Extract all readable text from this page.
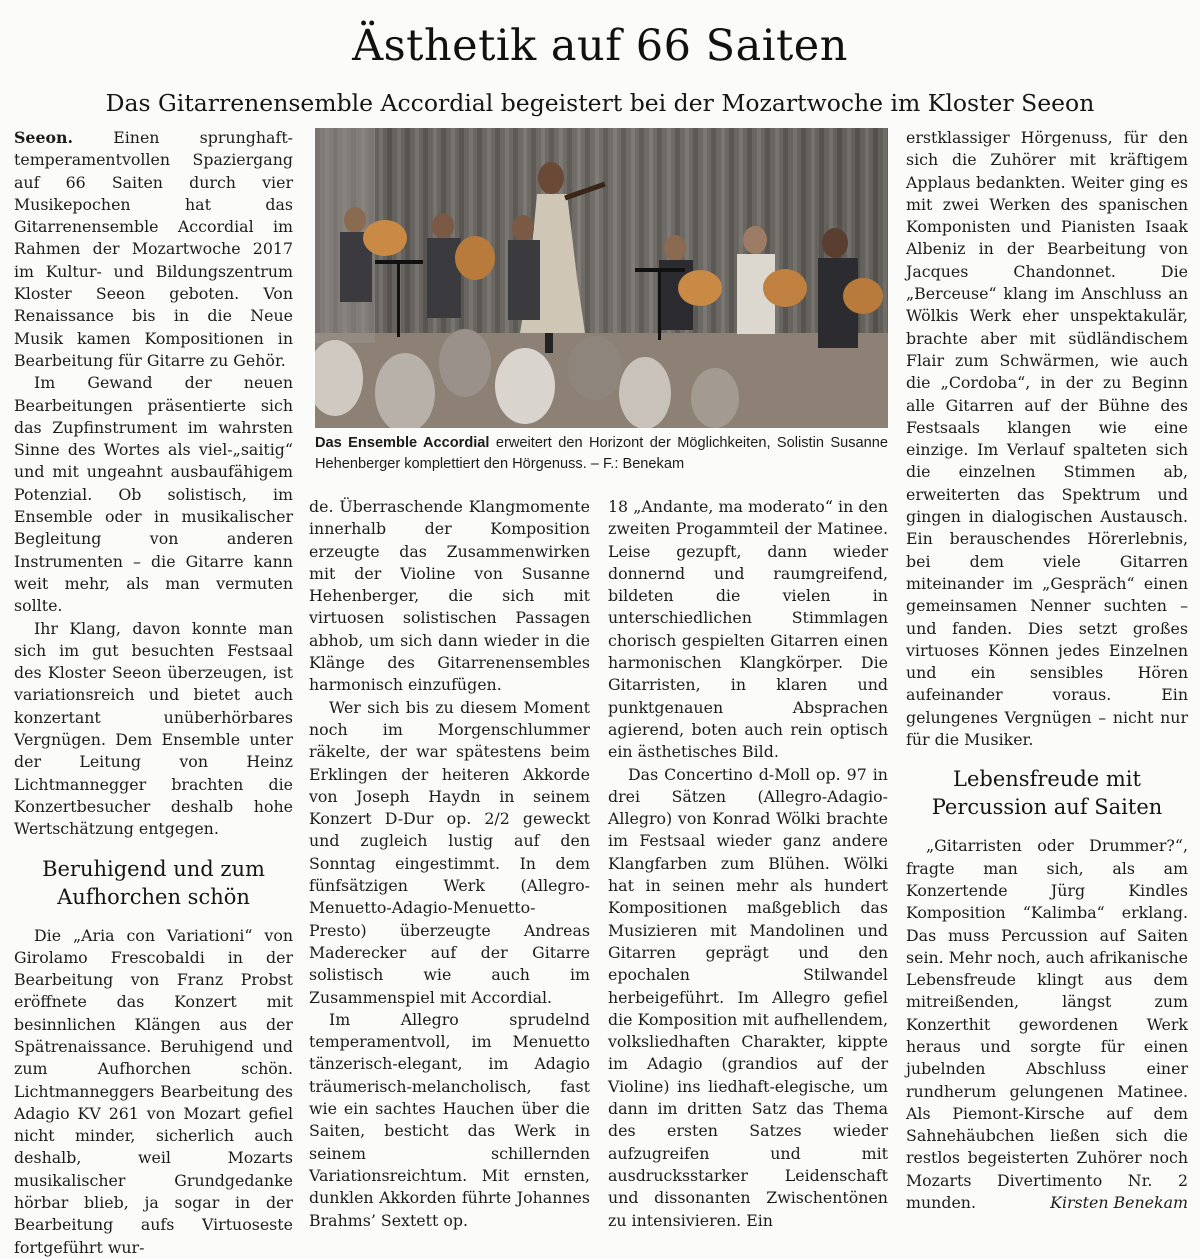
Ästhetik auf 66 Saiten
Das Gitarrenensemble Accordial begeistert bei der Mozartwoche im Kloster Seeon

Seeon.	Einen sprunghaft-temperamentvollen Spaziergang auf 66 Saiten durch vier Musikepochen hat das Gitarrenensemble Accordial im Rahmen der Mozartwoche 2017 im Kultur- und Bildungszentrum Kloster Seeon geboten. Von Renaissance bis in die Neue Musik kamen Kompositionen in Bearbeitung für Gitarre zu Gehör.

Im Gewand der neuen Bearbeitungen präsentierte sich das Zupfinstrument im wahrsten Sinne des Wortes als viel-„saitig“ und mit ungeahnt ausbaufähigem Potenzial. Ob solistisch, im Ensemble oder in musikalischer Begleitung von anderen Instrumenten – die Gitarre kann weit mehr, als man vermuten sollte.

Ihr Klang, davon konnte man sich im gut besuchten Festsaal des Kloster Seeon überzeugen, ist variationsreich und bietet auch konzertant unüberhörbares Vergnügen. Dem Ensemble unter der Leitung von Heinz Lichtmannegger brachten die Konzertbesucher deshalb hohe Wertschätzung entgegen.

Beruhigend und zum Aufhorchen schön

Die „Aria con Variationi“ von Girolamo Frescobaldi in der Bearbeitung von Franz Probst eröffnete das Konzert mit besinnlichen Klängen aus der Spätrenaissance. Beruhigend und zum Aufhorchen schön. Lichtmanneggers Bearbeitung des Adagio KV 261 von Mozart gefiel nicht minder, sicherlich auch deshalb, weil Mozarts musikalischer Grundgedanke hörbar blieb, ja sogar in der Bearbeitung aufs Virtuoseste fortgeführt wur-

Das Ensemble Accordial erweitert den Horizont der Möglichkeiten, Solistin Susanne Hehenberger komplettiert den Hörgenuss. – F.: Benekam

de. Überraschende Klangmomente innerhalb der Komposition erzeugte das Zusammenwirken mit der Violine von Susanne Hehenberger, die sich mit virtuosen solistischen Passagen abhob, um sich dann wieder in die Klänge des Gitarrenensembles harmonisch einzufügen.

Wer sich bis zu diesem Moment noch im Morgenschlummer räkelte, der war spätestens beim Erklingen der heiteren Akkorde von Joseph Haydn in seinem Konzert D-Dur op. 2/2 geweckt und zugleich lustig auf den Sonntag eingestimmt. In dem fünfsätzigen Werk (Allegro-Menuetto-Adagio-Menuetto-Presto) überzeugte Andreas Maderecker auf der Gitarre solistisch wie auch im Zusammenspiel mit Accordial.

Im Allegro sprudelnd temperamentvoll, im Menuetto tänzerisch-elegant, im Adagio träumerisch-melancholisch, fast wie ein sachtes Hauchen über die Saiten, bestiсht das Werk in seinem schillernden Variationsreichtum. Mit ernsten, dunklen Akkorden führte Johannes Brahms’ Sextett op.

18 „Andante, ma moderato“ in den zweiten Progammteil der Matinee. Leise gezupft, dann wieder donnernd und raumgreifend, bildeten die vielen in unterschiedlichen Stimmlagen chorisch gespielten Gitarren einen harmonischen Klangkörper. Die Gitarristen, in klaren und punktgenauen Absprachen agierend, boten auch rein optisch ein ästhetisches Bild.

Das Concertino d-Moll op. 97 in drei Sätzen (Allegro-Adagio-Allegro) von Konrad Wölki brachte im Festsaal wieder ganz andere Klangfarben zum Blühen. Wölki hat in seinen mehr als hundert Kompositionen maßgeblich das Musizieren mit Mandolinen und Gitarren geprägt und den epochalen Stilwandel herbeigeführt. Im Allegro gefiel die Komposition mit aufhellendem, volksliedhaften Charakter, kippte im Adagio (grandios auf der Violine) ins liedhaft-elegische, um dann im dritten Satz das Thema des ersten Satzes wieder aufzugreifen und mit ausdrucksstarker Leidenschaft und dissonanten Zwischentönen zu intensivieren. Ein

erstklassiger Hörgenuss, für den sich die Zuhörer mit kräftigem Applaus bedankten. Weiter ging es mit zwei Werken des spanischen Komponisten und Pianisten Isaak Albeniz in der Bearbeitung von Jacques Chandonnet. Die „Berceuse“ klang im Anschluss an Wölkis Werk eher unspektakulär, brachte aber mit südländischem Flair zum Schwärmen, wie auch die „Cordoba“, in der zu Beginn alle Gitarren auf der Bühne des Festsaals klangen wie eine einzige. Im Verlauf spalteten sich die einzelnen Stimmen ab, erweiterten das Spektrum und gingen in dialogischen Austausch. Ein berauschendes Hörerlebnis, bei dem viele Gitarren miteinander im „Gespräch“ einen gemeinsamen Nenner suchten – und fanden. Dies setzt großes virtuoses Können jedes Einzelnen und ein sensibles Hören aufeinander voraus. Ein gelungenes Vergnügen – nicht nur für die Musiker.

Lebensfreude mit Percussion auf Saiten

„Gitarristen oder Drummer?“, fragte man sich, als am Konzertende Jürg Kindles Komposition “Kalimba“ erklang. Das muss Percussion auf Saiten sein. Mehr noch, auch afrikanische Lebensfreude klingt aus dem mitreißenden, längst zum Konzerthit gewordenen Werk heraus und sorgte für einen jubelnden Abschluss einer rundherum gelungenen Matinee. Als Piemont-Kirsche auf dem Sahnehäubchen ließen sich die restlos begeisterten Zuhörer noch Mozarts Divertimento Nr. 2 munden.	Kirsten Benekam
